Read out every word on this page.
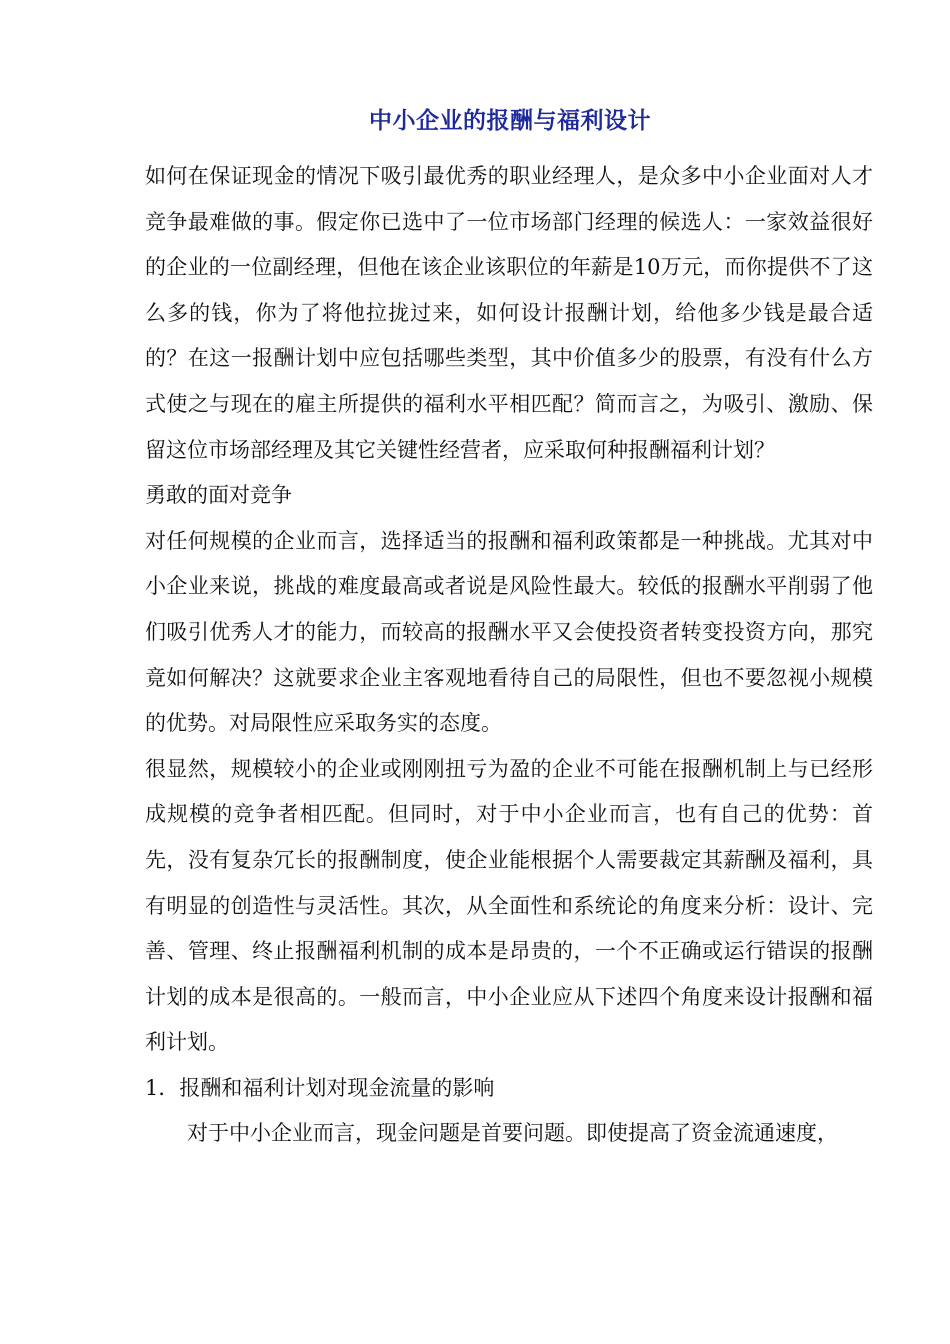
中小企业的报酬与福利设计

如何在保证现金的情况下吸引最优秀的职业经理人，是众多中小企业面对人才竞争最难做的事。假定你已选中了一位市场部门经理的候选人：一家效益很好的企业的一位副经理，但他在该企业该职位的年薪是10万元，而你提供不了这么多的钱，你为了将他拉拢过来，如何设计报酬计划，给他多少钱是最合适的？在这一报酬计划中应包括哪些类型，其中价值多少的股票，有没有什么方式使之与现在的雇主所提供的福利水平相匹配？简而言之，为吸引、激励、保留这位市场部经理及其它关键性经营者，应采取何种报酬福利计划？

勇敢的面对竞争

对任何规模的企业而言，选择适当的报酬和福利政策都是一种挑战。尤其对中小企业来说，挑战的难度最高或者说是风险性最大。较低的报酬水平削弱了他们吸引优秀人才的能力，而较高的报酬水平又会使投资者转变投资方向，那究竟如何解决？这就要求企业主客观地看待自己的局限性，但也不要忽视小规模的优势。对局限性应采取务实的态度。

很显然，规模较小的企业或刚刚扭亏为盈的企业不可能在报酬机制上与已经形成规模的竞争者相匹配。但同时，对于中小企业而言，也有自己的优势：首先，没有复杂冗长的报酬制度，使企业能根据个人需要裁定其薪酬及福利，具有明显的创造性与灵活性。其次，从全面性和系统论的角度来分析：设计、完善、管理、终止报酬福利机制的成本是昂贵的，一个不正确或运行错误的报酬计划的成本是很高的。一般而言，中小企业应从下述四个角度来设计报酬和福利计划。

1．报酬和福利计划对现金流量的影响

对于中小企业而言，现金问题是首要问题。即使提高了资金流通速度，
